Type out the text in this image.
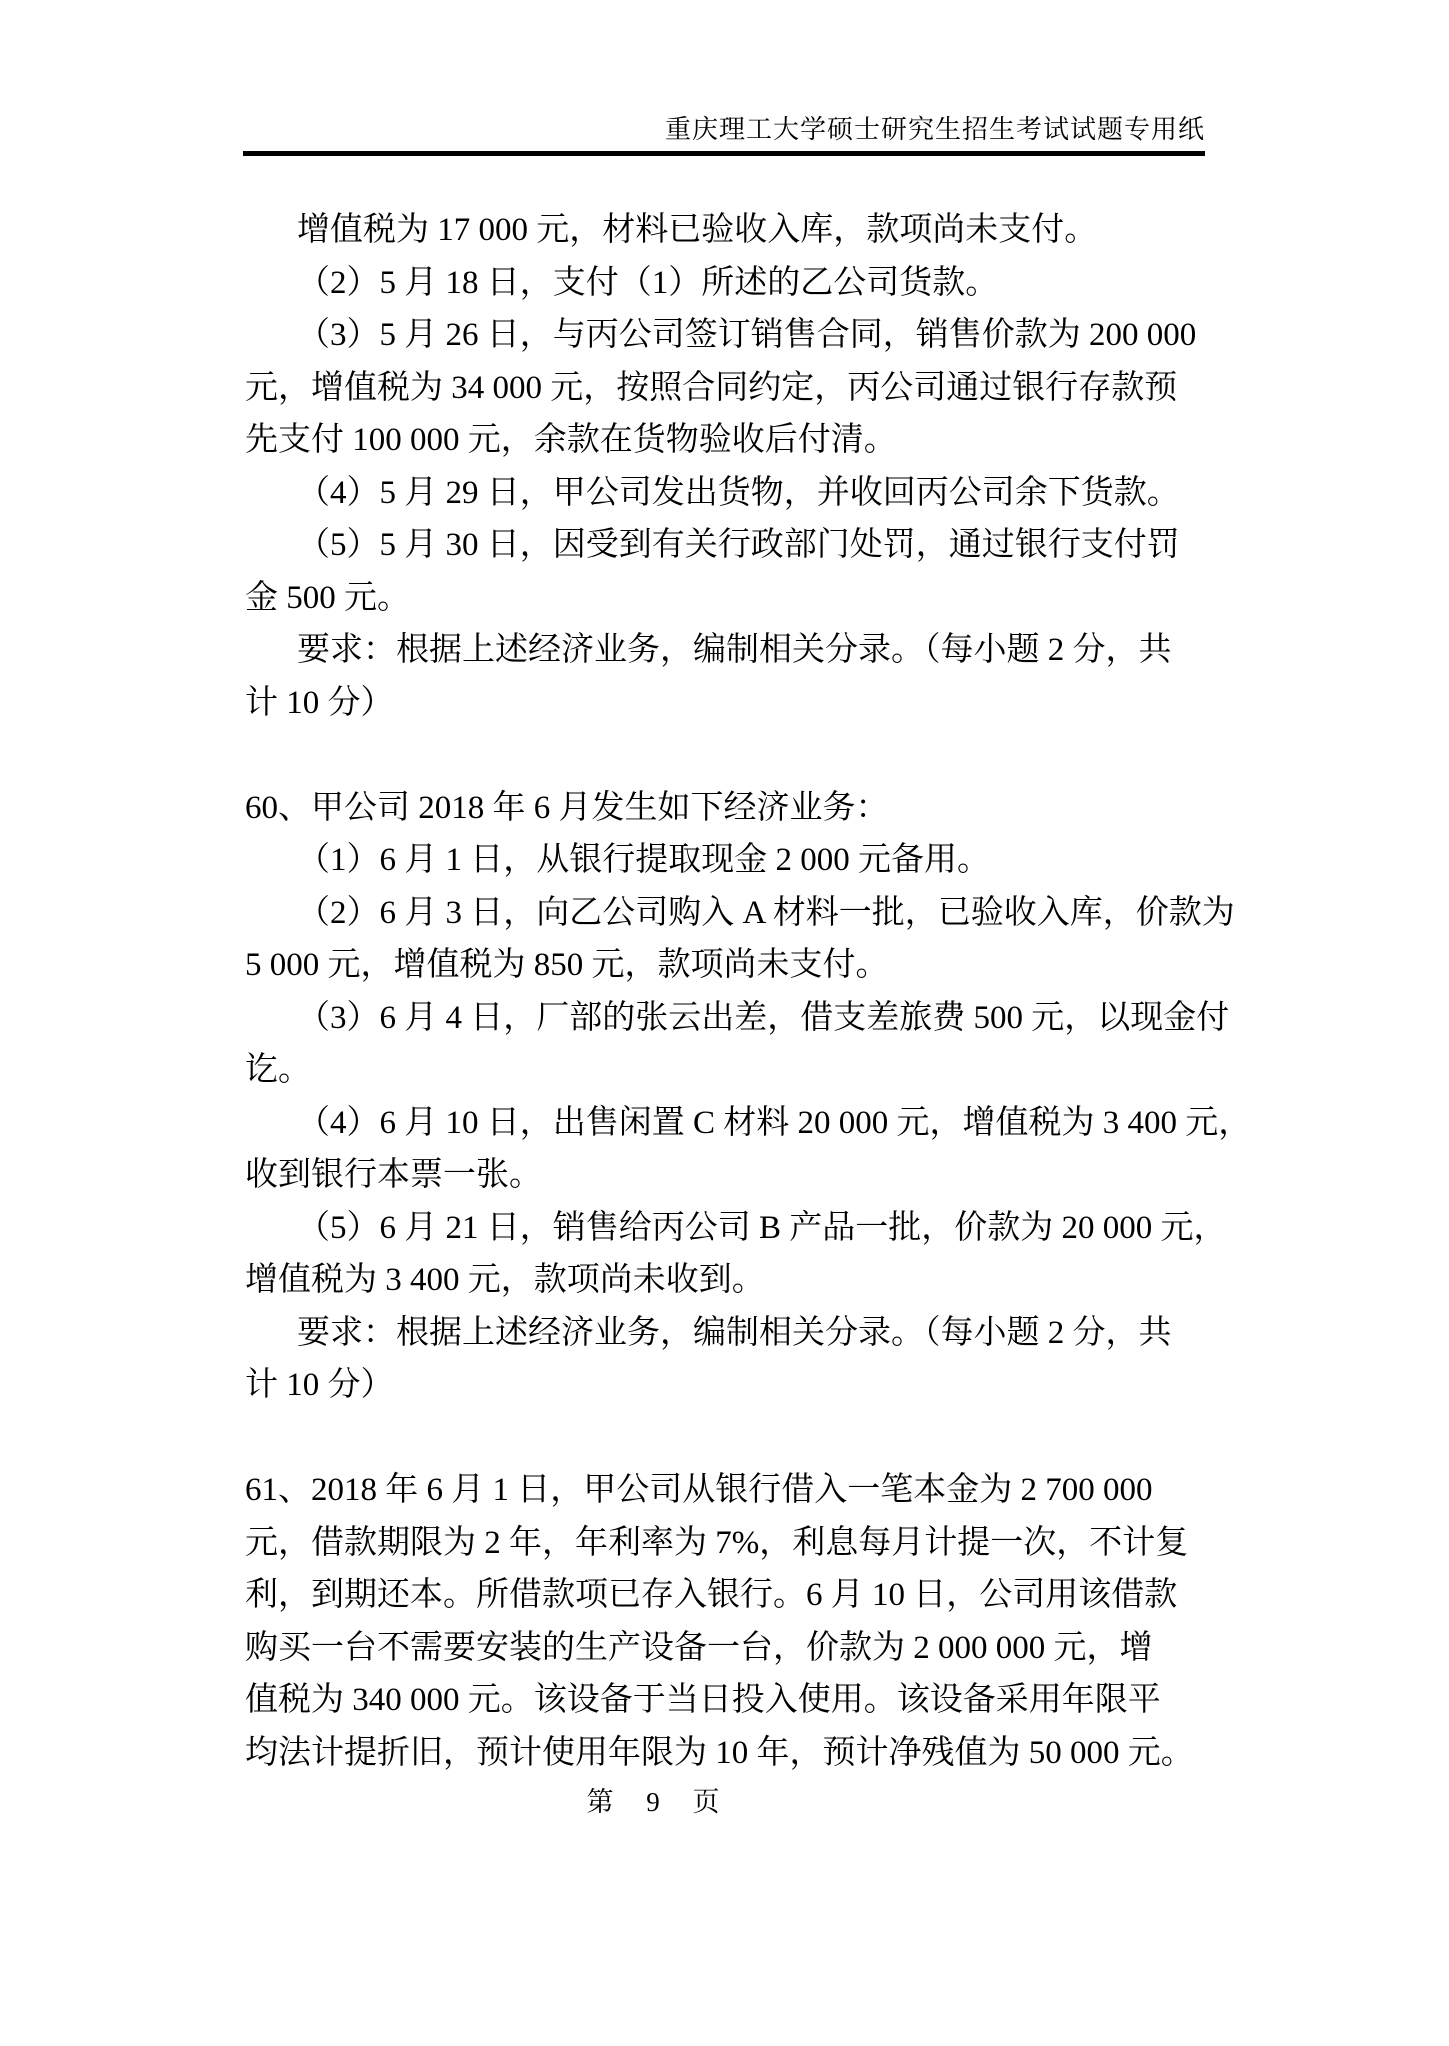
重庆理工大学硕士研究生招生考试试题专用纸
增值税为 17 000 元，材料已验收入库，款项尚未支付。
（2）5 月 18 日，支付（1）所述的乙公司货款。
（3）5 月 26 日，与丙公司签订销售合同，销售价款为 200 000
元，增值税为 34 000 元，按照合同约定，丙公司通过银行存款预
先支付 100 000 元，余款在货物验收后付清。
（4）5 月 29 日，甲公司发出货物，并收回丙公司余下货款。
（5）5 月 30 日，因受到有关行政部门处罚，通过银行支付罚
金 500 元。
要求：根据上述经济业务，编制相关分录。（每小题 2 分，共
计 10 分）
60、甲公司 2018 年 6 月发生如下经济业务：
（1）6 月 1 日，从银行提取现金 2 000 元备用。
（2）6 月 3 日，向乙公司购入 A 材料一批，已验收入库，价款为
5 000 元，增值税为 850 元，款项尚未支付。
（3）6 月 4 日，厂部的张云出差，借支差旅费 500 元，以现金付
讫。
（4）6 月 10 日，出售闲置 C 材料 20 000 元，增值税为 3 400 元，
收到银行本票一张。
（5）6 月 21 日，销售给丙公司 B 产品一批，价款为 20 000 元，
增值税为 3 400 元，款项尚未收到。
要求：根据上述经济业务，编制相关分录。（每小题 2 分，共
计 10 分）
61、2018 年 6 月 1 日，甲公司从银行借入一笔本金为 2 700 000
元，借款期限为 2 年，年利率为 7%，利息每月计提一次，不计复
利，到期还本。所借款项已存入银行。6 月 10 日，公司用该借款
购买一台不需要安装的生产设备一台，价款为 2 000 000 元，增
值税为 340 000 元。该设备于当日投入使用。该设备采用年限平
均法计提折旧，预计使用年限为 10 年，预计净残值为 50 000 元。
第 9 页
